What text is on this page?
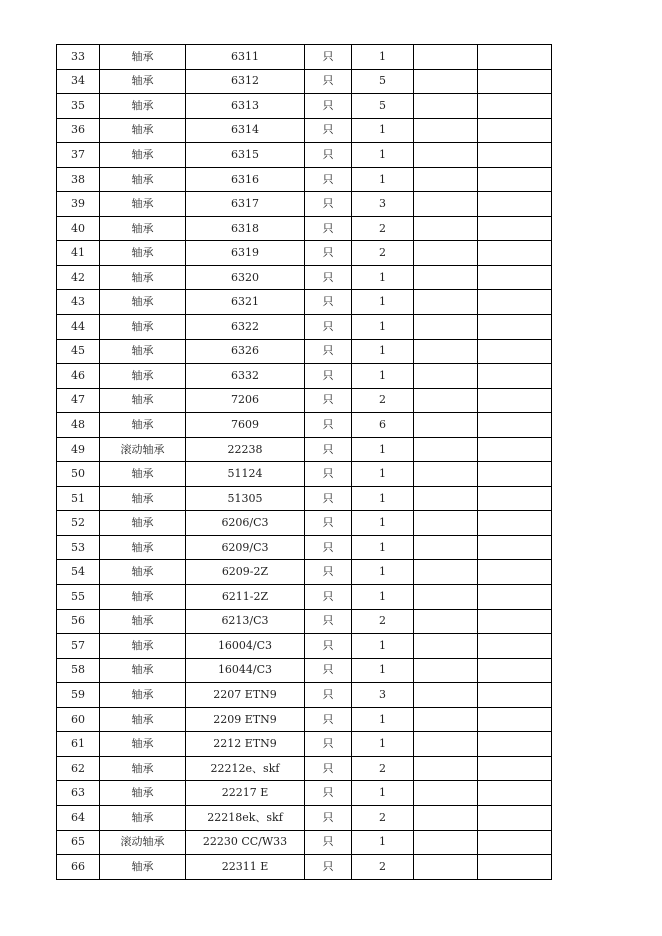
33	轴承	6311	只	1		
34	轴承	6312	只	5		
35	轴承	6313	只	5		
36	轴承	6314	只	1		
37	轴承	6315	只	1		
38	轴承	6316	只	1		
39	轴承	6317	只	3		
40	轴承	6318	只	2		
41	轴承	6319	只	2		
42	轴承	6320	只	1		
43	轴承	6321	只	1		
44	轴承	6322	只	1		
45	轴承	6326	只	1		
46	轴承	6332	只	1		
47	轴承	7206	只	2		
48	轴承	7609	只	6		
49	滚动轴承	22238	只	1		
50	轴承	51124	只	1		
51	轴承	51305	只	1		
52	轴承	6206/C3	只	1		
53	轴承	6209/C3	只	1		
54	轴承	6209-2Z	只	1		
55	轴承	6211-2Z	只	1		
56	轴承	6213/C3	只	2		
57	轴承	16004/C3	只	1		
58	轴承	16044/C3	只	1		
59	轴承	2207 ETN9	只	3		
60	轴承	2209 ETN9	只	1		
61	轴承	2212 ETN9	只	1		
62	轴承	22212e、skf	只	2		
63	轴承	22217 E	只	1		
64	轴承	22218ek、skf	只	2		
65	滚动轴承	22230 CC/W33	只	1		
66	轴承	22311 E	只	2		
